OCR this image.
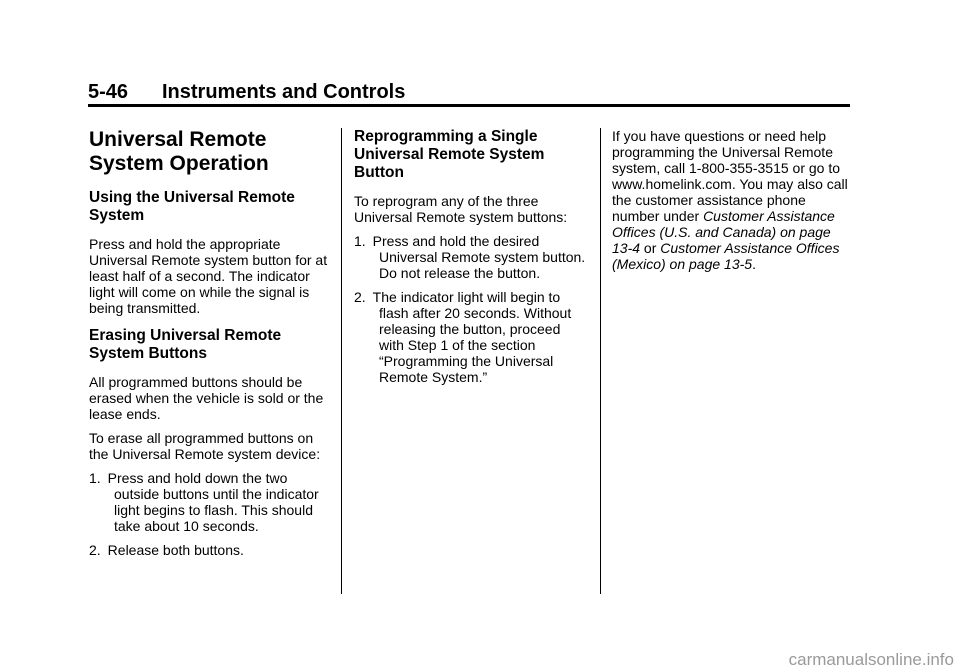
5-46 Instruments and Controls
Universal Remote System Operation
Using the Universal Remote System

Press and hold the appropriate Universal Remote system button for at least half of a second. The indicator light will come on while the signal is being transmitted.

Erasing Universal Remote System Buttons

All programmed buttons should be erased when the vehicle is sold or the lease ends.

To erase all programmed buttons on the Universal Remote system device:

1. Press and hold down the two outside buttons until the indicator light begins to flash. This should take about 10 seconds.
2. Release both buttons.
Reprogramming a Single Universal Remote System Button

To reprogram any of the three Universal Remote system buttons:

1. Press and hold the desired Universal Remote system button. Do not release the button.
2. The indicator light will begin to flash after 20 seconds. Without releasing the button, proceed with Step 1 of the section “Programming the Universal Remote System.”

If you have questions or need help programming the Universal Remote system, call 1-800-355-3515 or go to www.homelink.com. You may also call the customer assistance phone number under Customer Assistance Offices (U.S. and Canada) on page 13-4 or Customer Assistance Offices (Mexico) on page 13-5.

carmanualsonline.info
